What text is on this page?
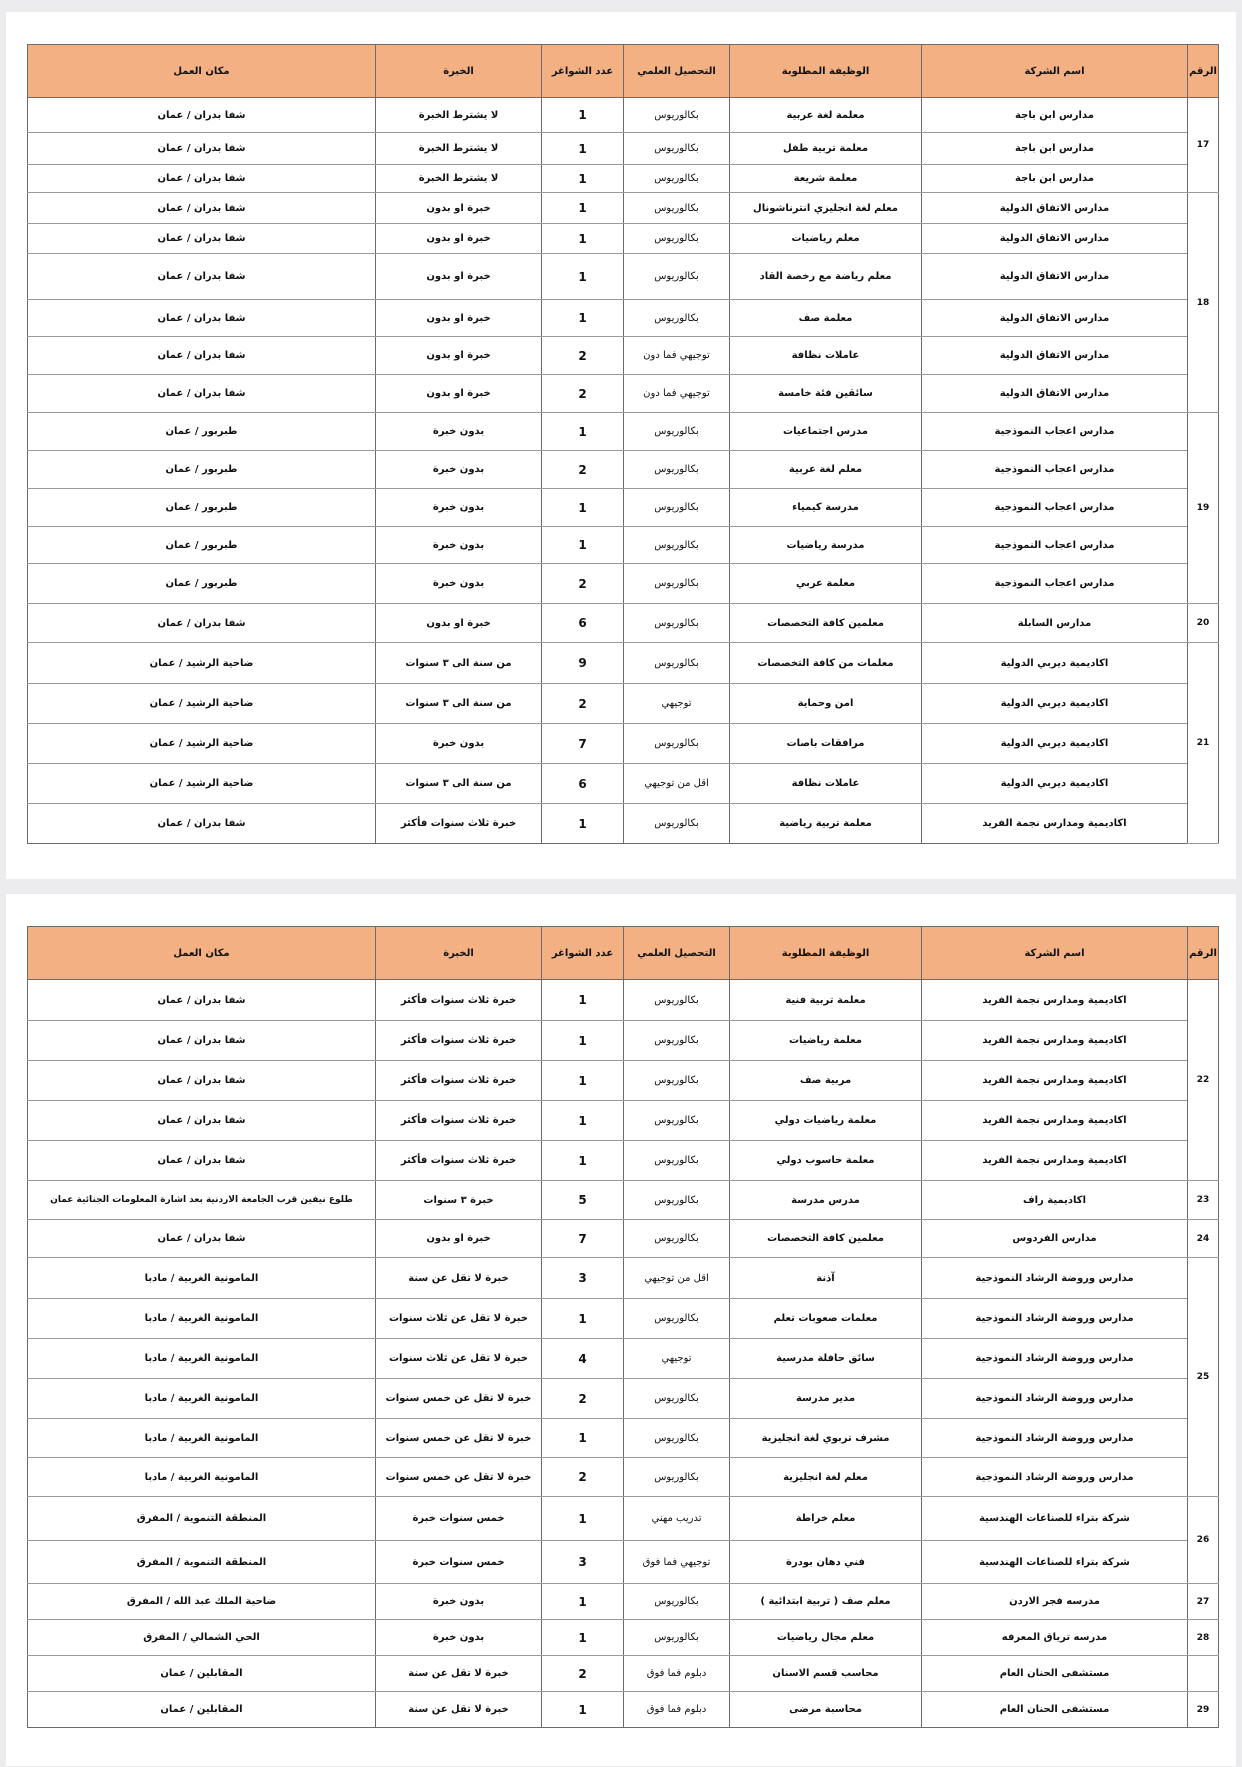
الرقم	اسم الشركة	الوظيفة المطلوبة	التحصيل العلمي	عدد الشواغر	الخبرة	مكان العمل
17	مدارس ابن باجة	معلمة لغة عربية	بكالوريوس	1	لا يشترط الخبرة	شفا بدران / عمان
	مدارس ابن باجة	معلمة تربية طفل	بكالوريوس	1	لا يشترط الخبرة	شفا بدران / عمان
	مدارس ابن باجة	معلمة شريعة	بكالوريوس	1	لا يشترط الخبرة	شفا بدران / عمان
18	مدارس الاتفاق الدولية	معلم لغة انجليزي انترناشونال	بكالوريوس	1	خبرة او بدون	شفا بدران / عمان
	مدارس الاتفاق الدولية	معلم رياضيات	بكالوريوس	1	خبرة او بدون	شفا بدران / عمان
	مدارس الاتفاق الدولية	معلم رياضة مع رخصة القاد	بكالوريوس	1	خبرة او بدون	شفا بدران / عمان
	مدارس الاتفاق الدولية	معلمة صف	بكالوريوس	1	خبرة او بدون	شفا بدران / عمان
	مدارس الاتفاق الدولية	عاملات نظافة	توجيهي فما دون	2	خبرة او بدون	شفا بدران / عمان
	مدارس الاتفاق الدولية	سائقين فئة خامسة	توجيهي فما دون	2	خبرة او بدون	شفا بدران / عمان
19	مدارس اعجاب النموذجية	مدرس اجتماعيات	بكالوريوس	1	بدون خبرة	طبربور / عمان
	مدارس اعجاب النموذجية	معلم لغة عربية	بكالوريوس	2	بدون خبرة	طبربور / عمان
	مدارس اعجاب النموذجية	مدرسة كيمياء	بكالوريوس	1	بدون خبرة	طبربور / عمان
	مدارس اعجاب النموذجية	مدرسة رياضيات	بكالوريوس	1	بدون خبرة	طبربور / عمان
	مدارس اعجاب النموذجية	معلمة عربي	بكالوريوس	2	بدون خبرة	طبربور / عمان
20	مدارس السابلة	معلمين كافة التخصصات	بكالوريوس	6	خبرة او بدون	شفا بدران / عمان
21	اكاديمية ديربي الدولية	معلمات من كافة التخصصات	بكالوريوس	9	من سنة الى ٣ سنوات	ضاحية الرشيد / عمان
	اكاديمية ديربي الدولية	امن وحماية	توجيهي	2	من سنة الى ٣ سنوات	ضاحية الرشيد / عمان
	اكاديمية ديربي الدولية	مرافقات باصات	بكالوريوس	7	بدون خبرة	ضاحية الرشيد / عمان
	اكاديمية ديربي الدولية	عاملات نظافة	اقل من توجيهي	6	من سنة الى ٣ سنوات	ضاحية الرشيد / عمان
	اكاديمية ومدارس نجمة الفريد	معلمة تربية رياضية	بكالوريوس	1	خبرة ثلاث سنوات فأكثر	شفا بدران / عمان
الرقم	اسم الشركة	الوظيفة المطلوبة	التحصيل العلمي	عدد الشواغر	الخبرة	مكان العمل
22	اكاديمية ومدارس نجمة الفريد	معلمة تربية فنية	بكالوريوس	1	خبرة ثلاث سنوات فأكثر	شفا بدران / عمان
	اكاديمية ومدارس نجمة الفريد	معلمة رياضيات	بكالوريوس	1	خبرة ثلاث سنوات فأكثر	شفا بدران / عمان
	اكاديمية ومدارس نجمة الفريد	مربية صف	بكالوريوس	1	خبرة ثلاث سنوات فأكثر	شفا بدران / عمان
	اكاديمية ومدارس نجمة الفريد	معلمة رياضيات دولي	بكالوريوس	1	خبرة ثلاث سنوات فأكثر	شفا بدران / عمان
	اكاديمية ومدارس نجمة الفريد	معلمة حاسوب دولي	بكالوريوس	1	خبرة ثلاث سنوات فأكثر	شفا بدران / عمان
23	اكاديمية راف	مدرس مدرسة	بكالوريوس	5	خبرة ٣ سنوات	طلوع نيفين قرب الجامعة الاردنية بعد اشارة المعلومات الجنائية عمان
24	مدارس الفردوس	معلمين كافة التخصصات	بكالوريوس	7	خبرة او بدون	شفا بدران / عمان
25	مدارس وروضة الرشاد النموذجية	آذنة	اقل من توجيهي	3	خبرة لا تقل عن سنة	المامونية الغربية / مادبا
	مدارس وروضة الرشاد النموذجية	معلمات صعوبات تعلم	بكالوريوس	1	خبرة لا تقل عن ثلاث سنوات	المامونية الغربية / مادبا
	مدارس وروضة الرشاد النموذجية	سائق حافلة مدرسية	توجيهي	4	خبرة لا تقل عن ثلاث سنوات	المامونية الغربية / مادبا
	مدارس وروضة الرشاد النموذجية	مدير مدرسة	بكالوريوس	2	خبرة لا تقل عن خمس سنوات	المامونية الغربية / مادبا
	مدارس وروضة الرشاد النموذجية	مشرف تربوي لغة انجليزية	بكالوريوس	1	خبرة لا تقل عن خمس سنوات	المامونية الغربية / مادبا
	مدارس وروضة الرشاد النموذجية	معلم لغة انجليزية	بكالوريوس	2	خبرة لا تقل عن خمس سنوات	المامونية الغربية / مادبا
26	شركة بتراء للصناعات الهندسية	معلم خراطة	تدريب مهني	1	خمس سنوات خبرة	المنطقة التنموية / المفرق
	شركة بتراء للصناعات الهندسية	فني دهان بودرة	توجيهي فما فوق	3	خمس سنوات خبرة	المنطقة التنموية / المفرق
27	مدرسه فجر الاردن	معلم صف ( تربية ابتدائية )	بكالوريوس	1	بدون خبرة	ضاحية الملك عبد الله / المفرق
28	مدرسه ترياق المعرفه	معلم مجال رياضيات	بكالوريوس	1	بدون خبرة	الحي الشمالي / المفرق
	مستشفى الحنان العام	محاسب قسم الاسنان	دبلوم فما فوق	2	خبرة لا تقل عن سنة	المقابلين / عمان
29	مستشفى الحنان العام	محاسبة مرضى	دبلوم فما فوق	1	خبرة لا تقل عن سنة	المقابلين / عمان
